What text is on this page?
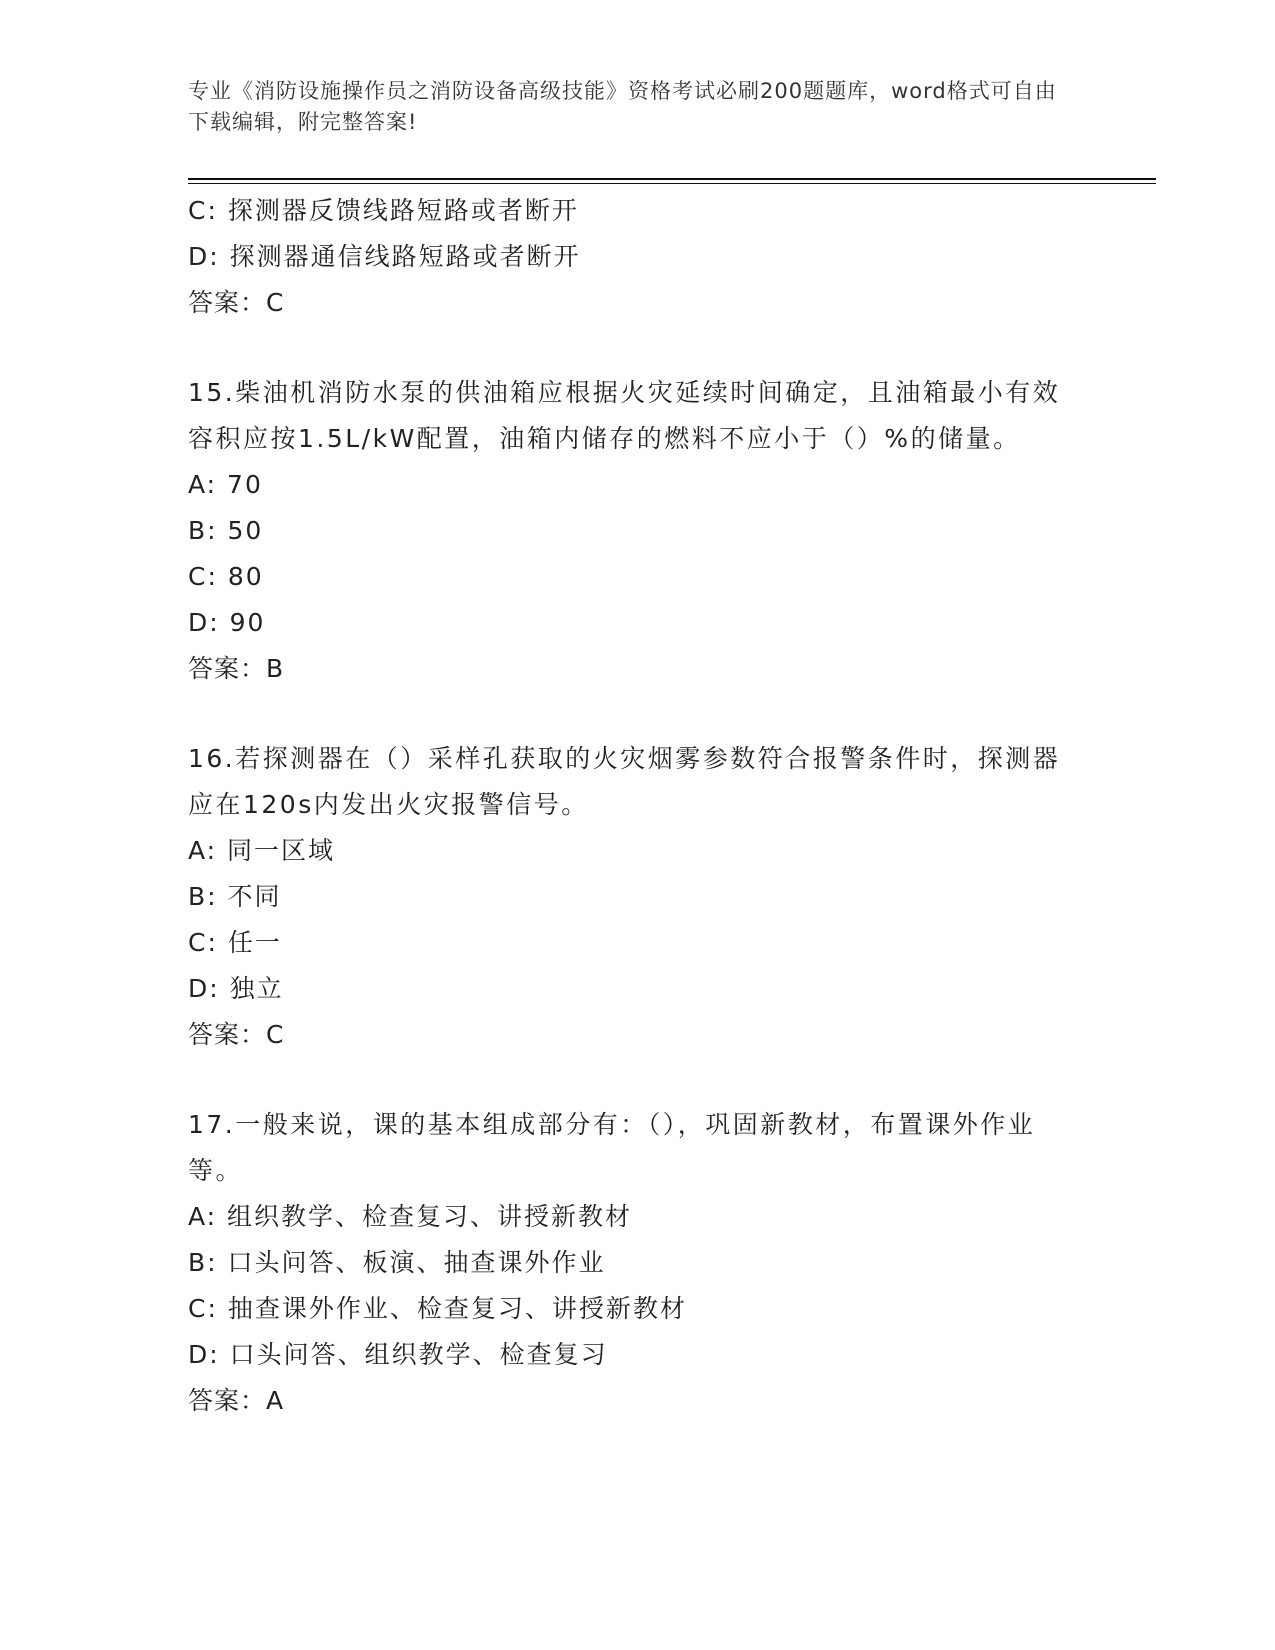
专业《消防设施操作员之消防设备高级技能》资格考试必刷200题题库，word格式可自由下载编辑，附完整答案!
C: 探测器反馈线路短路或者断开
D: 探测器通信线路短路或者断开
答案：C
15.柴油机消防水泵的供油箱应根据火灾延续时间确定，且油箱最小有效容积应按1.5L/kW配置，油箱内储存的燃料不应小于（）%的储量。
A: 70
B: 50
C: 80
D: 90
答案：B
16.若探测器在（）采样孔获取的火灾烟雾参数符合报警条件时，探测器应在120s内发出火灾报警信号。
A: 同一区域
B: 不同
C: 任一
D: 独立
答案：C
17.一般来说，课的基本组成部分有：（），巩固新教材，布置课外作业等。
A: 组织教学、检查复习、讲授新教材
B: 口头问答、板演、抽查课外作业
C: 抽查课外作业、检查复习、讲授新教材
D: 口头问答、组织教学、检查复习
答案：A
